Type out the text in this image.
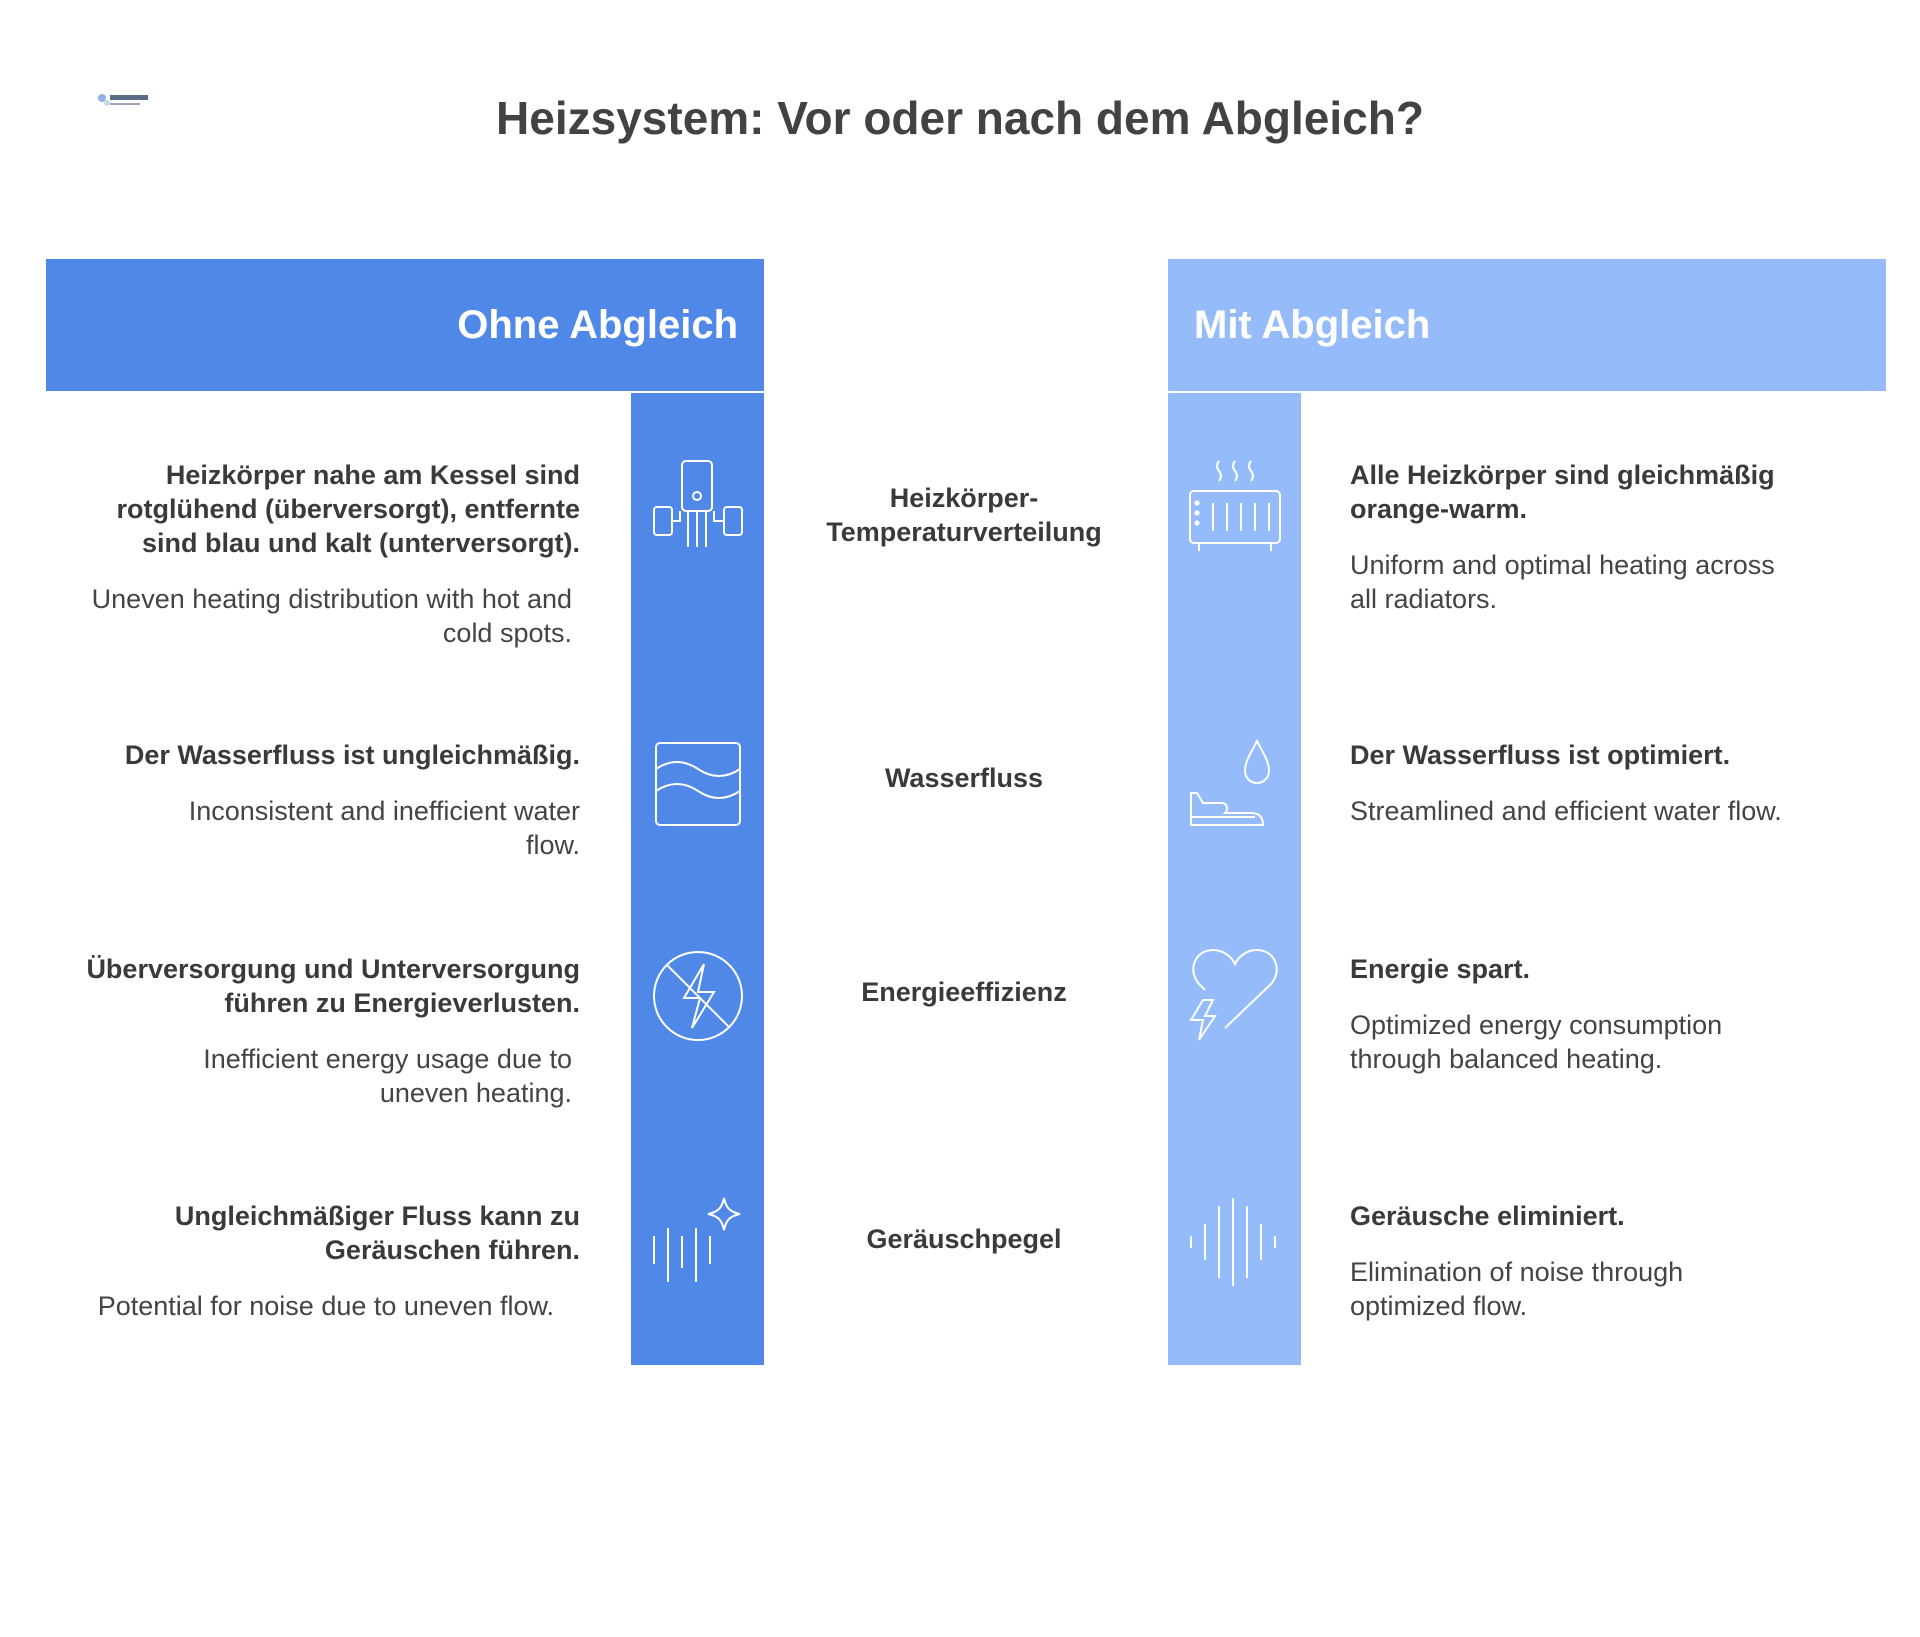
Heizsystem: Vor oder nach dem Abgleich?
Ohne Abgleich	Mit Abgleich
Heizkörper nahe am Kessel sind rotglühend (überversorgt), entfernte sind blau und kalt (unterversorgt).
Uneven heating distribution with hot and cold spots.
Heizkörper-
Temperaturverteilung
Alle Heizkörper sind gleichmäßig orange-warm.
Uniform and optimal heating across all radiators.
Der Wasserfluss ist ungleichmäßig.
Inconsistent and inefficient water flow.
Wasserfluss
Der Wasserfluss ist optimiert.
Streamlined and efficient water flow.
Überversorgung und Unterversorgung führen zu Energieverlusten.
Inefficient energy usage due to uneven heating.
Energieeffizienz
Energie spart.
Optimized energy consumption through balanced heating.
Ungleichmäßiger Fluss kann zu Geräuschen führen.
Potential for noise due to uneven flow.
Geräuschpegel
Geräusche eliminiert.
Elimination of noise through optimized flow.
